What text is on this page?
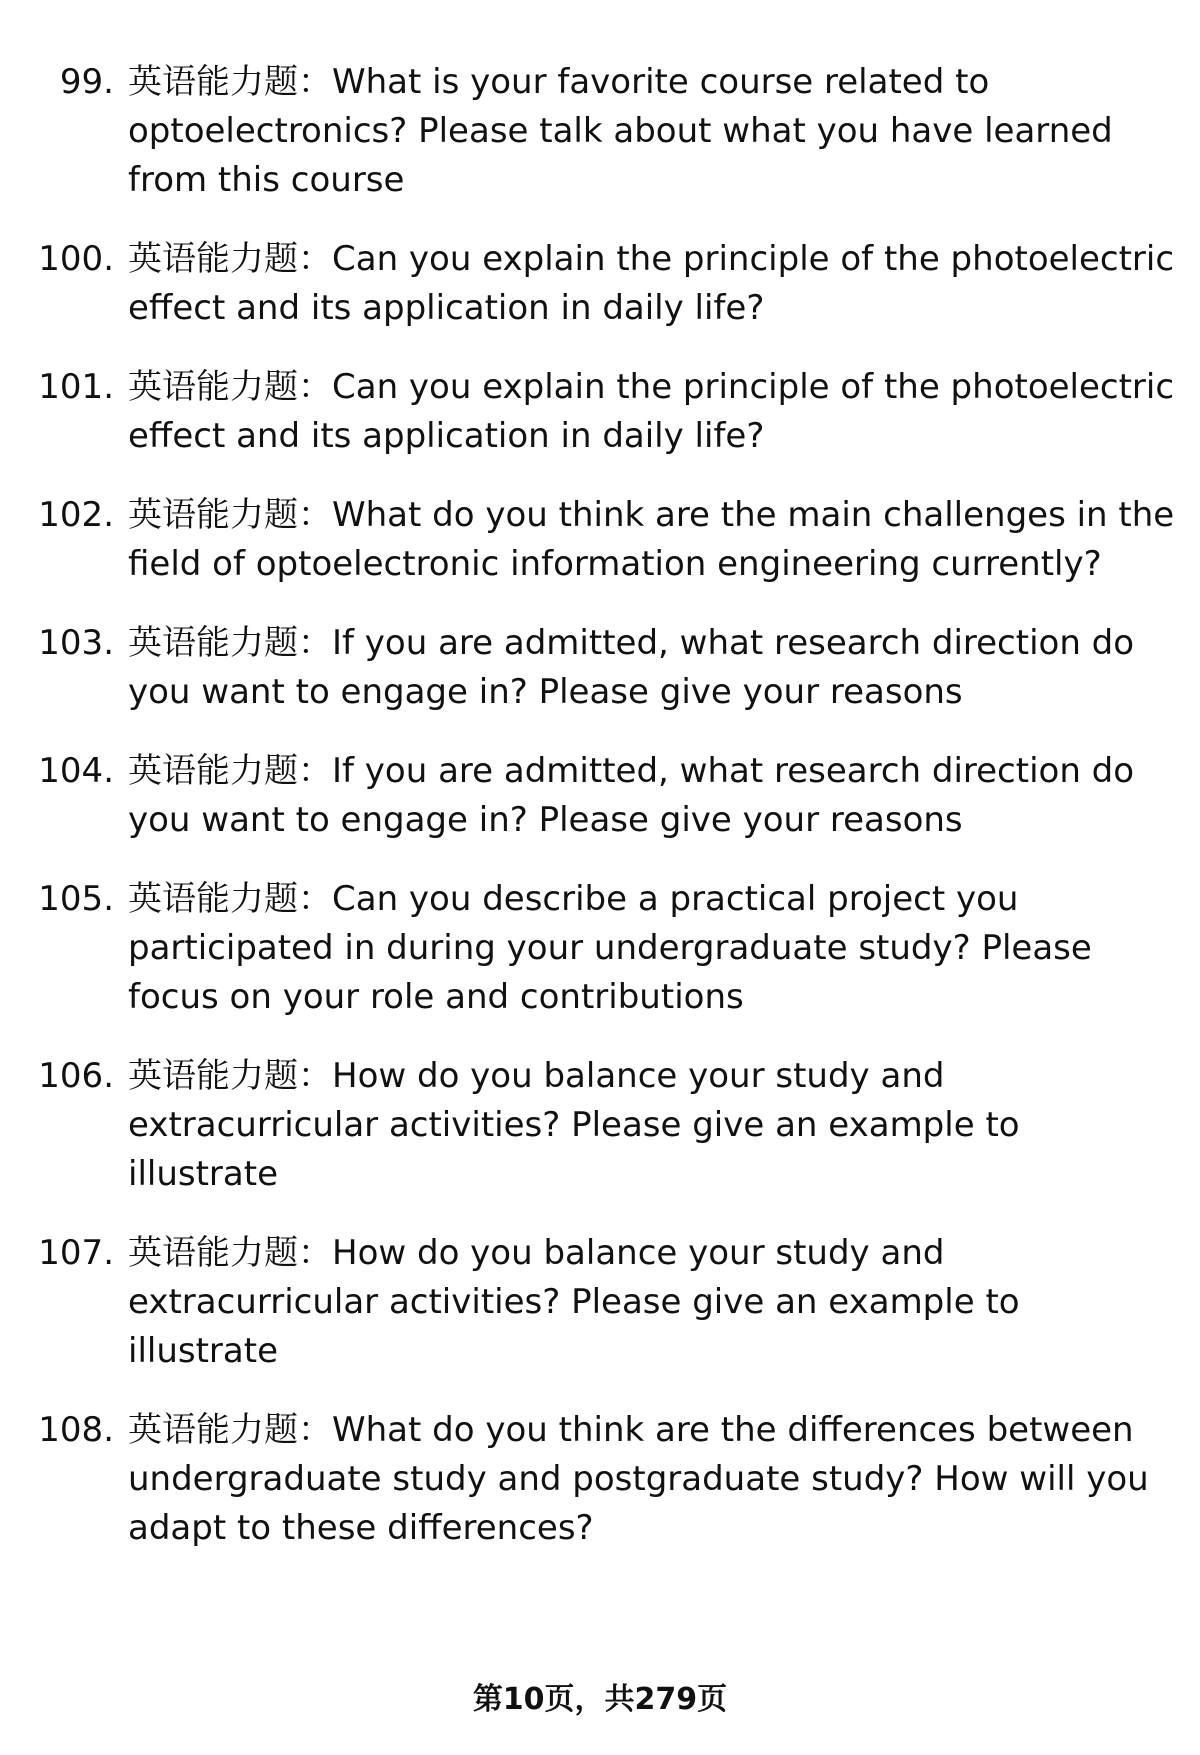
99. 英语能力题：What is your favorite course related to optoelectronics? Please talk about what you have learned from this course
100. 英语能力题：Can you explain the principle of the photoelectric effect and its application in daily life?
101. 英语能力题：Can you explain the principle of the photoelectric effect and its application in daily life?
102. 英语能力题：What do you think are the main challenges in the field of optoelectronic information engineering currently?
103. 英语能力题：If you are admitted, what research direction do you want to engage in? Please give your reasons
104. 英语能力题：If you are admitted, what research direction do you want to engage in? Please give your reasons
105. 英语能力题：Can you describe a practical project you participated in during your undergraduate study? Please focus on your role and contributions
106. 英语能力题：How do you balance your study and extracurricular activities? Please give an example to illustrate
107. 英语能力题：How do you balance your study and extracurricular activities? Please give an example to illustrate
108. 英语能力题：What do you think are the differences between undergraduate study and postgraduate study? How will you adapt to these differences?
第10页，共279页
